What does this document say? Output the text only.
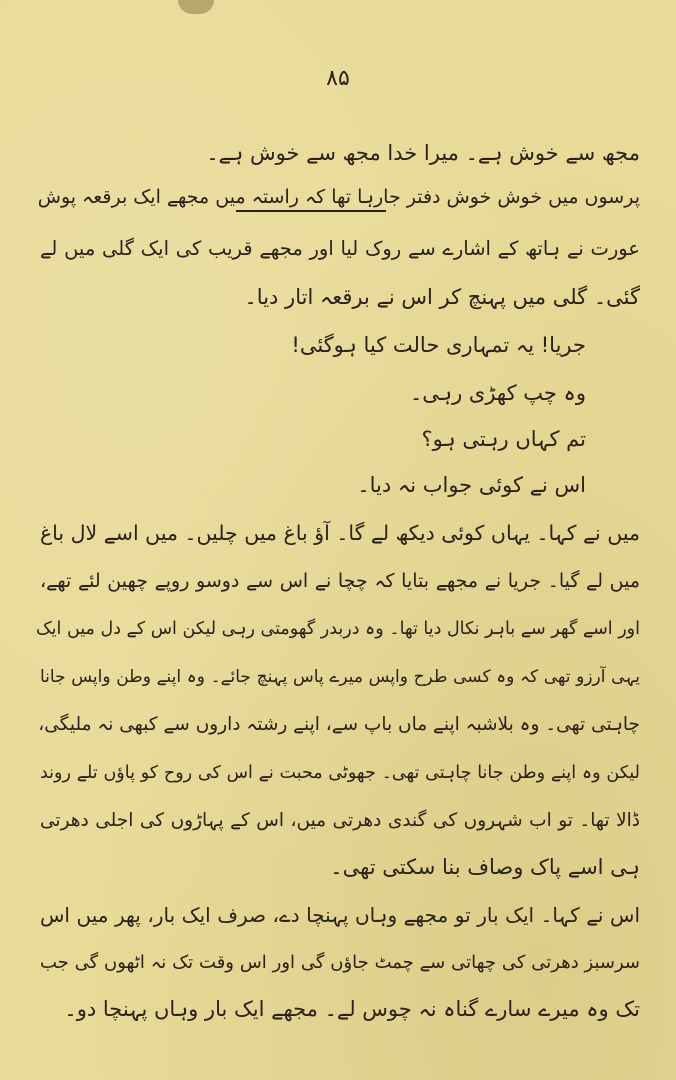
۸۵
مجھ سے خوش ہے۔ میرا خدا مجھ سے خوش ہے۔
پرسوں میں خوش خوش دفتر جارہا تھا کہ راستہ میں مجھے ایک برقعہ پوش
عورت نے ہاتھ کے اشارے سے روک لیا اور مجھے قریب کی ایک گلی میں لے
گئی۔ گلی میں پہنچ کر اس نے برقعہ اتار دیا۔
جریا! یہ تمہاری حالت کیا ہوگئی!
وہ چپ کھڑی رہی۔
تم کہاں رہتی ہو؟
اس نے کوئی جواب نہ دیا۔
میں نے کہا۔ یہاں کوئی دیکھ لے گا۔ آؤ باغ میں چلیں۔ میں اسے لال باغ
میں لے گیا۔ جریا نے مجھے بتایا کہ چچا نے اس سے دوسو روپے چھین لئے تھے،
اور اسے گھر سے باہر نکال دیا تھا۔ وہ دربدر گھومتی رہی لیکن اس کے دل میں ایک
یہی آرزو تھی کہ وہ کسی طرح واپس میرے پاس پہنچ جائے۔ وہ اپنے وطن واپس جانا
چاہتی تھی۔ وہ بلاشبہ اپنے ماں باپ سے، اپنے رشتہ داروں سے کبھی نہ ملیگی،
لیکن وہ اپنے وطن جانا چاہتی تھی۔ جھوٹی محبت نے اس کی روح کو پاؤں تلے روند
ڈالا تھا۔ تو اب شہروں کی گندی دھرتی میں، اس کے پہاڑوں کی اجلی دھرتی
ہی اسے پاک وصاف بنا سکتی تھی۔
اس نے کہا۔ ایک بار تو مجھے وہاں پہنچا دے، صرف ایک بار، پھر میں اس
سرسبز دھرتی کی چھاتی سے چمٹ جاؤں گی اور اس وقت تک نہ اٹھوں گی جب
تک وہ میرے سارے گناہ نہ چوس لے۔ مجھے ایک بار وہاں پہنچا دو۔
